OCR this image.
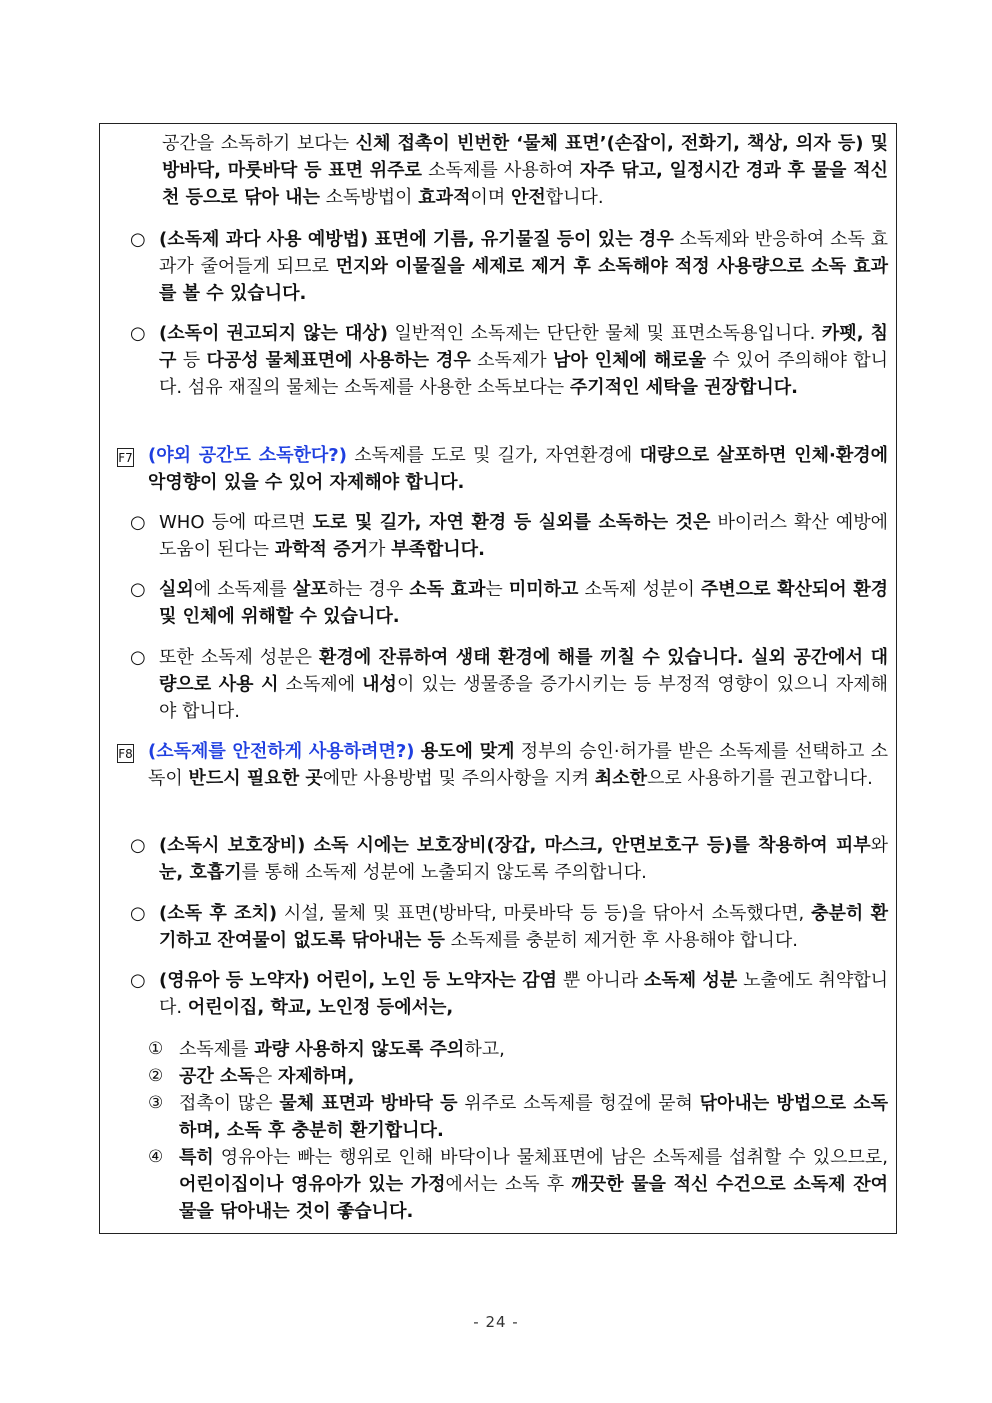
공간을 소독하기 보다는 신체 접촉이 빈번한 ‘물체 표면’(손잡이, 전화기, 책상, 의자 등) 및 방바닥, 마룻바닥 등 표면 위주로 소독제를 사용하여 자주 닦고, 일정시간 경과 후 물을 적신 천 등으로 닦아 내는 소독방법이 효과적이며 안전합니다.

○ (소독제 과다 사용 예방법) 표면에 기름, 유기물질 등이 있는 경우 소독제와 반응하여 소독 효과가 줄어들게 되므로 먼지와 이물질을 세제로 제거 후 소독해야 적정 사용량으로 소독 효과를 볼 수 있습니다.

○ (소독이 권고되지 않는 대상) 일반적인 소독제는 단단한 물체 및 표면소독용입니다. 카펫, 침구 등 다공성 물체표면에 사용하는 경우 소독제가 남아 인체에 해로울 수 있어 주의해야 합니다. 섬유 재질의 물체는 소독제를 사용한 소독보다는 주기적인 세탁을 권장합니다.

F7 (야외 공간도 소독한다?) 소독제를 도로 및 길가, 자연환경에 대량으로 살포하면 인체·환경에 악영향이 있을 수 있어 자제해야 합니다.

○ WHO 등에 따르면 도로 및 길가, 자연 환경 등 실외를 소독하는 것은 바이러스 확산 예방에 도움이 된다는 과학적 증거가 부족합니다.

○ 실외에 소독제를 살포하는 경우 소독 효과는 미미하고 소독제 성분이 주변으로 확산되어 환경 및 인체에 위해할 수 있습니다.

○ 또한 소독제 성분은 환경에 잔류하여 생태 환경에 해를 끼칠 수 있습니다. 실외 공간에서 대량으로 사용 시 소독제에 내성이 있는 생물종을 증가시키는 등 부정적 영향이 있으니 자제해야 합니다.

F8 (소독제를 안전하게 사용하려면?) 용도에 맞게 정부의 승인·허가를 받은 소독제를 선택하고 소독이 반드시 필요한 곳에만 사용방법 및 주의사항을 지켜 최소한으로 사용하기를 권고합니다.

○ (소독시 보호장비) 소독 시에는 보호장비(장갑, 마스크, 안면보호구 등)를 착용하여 피부와 눈, 호흡기를 통해 소독제 성분에 노출되지 않도록 주의합니다.

○ (소독 후 조치) 시설, 물체 및 표면(방바닥, 마룻바닥 등 등)을 닦아서 소독했다면, 충분히 환기하고 잔여물이 없도록 닦아내는 등 소독제를 충분히 제거한 후 사용해야 합니다.

○ (영유아 등 노약자) 어린이, 노인 등 노약자는 감염 뿐 아니라 소독제 성분 노출에도 취약합니다. 어린이집, 학교, 노인정 등에서는,

① 소독제를 과량 사용하지 않도록 주의하고,

② 공간 소독은 자제하며,

③ 접촉이 많은 물체 표면과 방바닥 등 위주로 소독제를 헝겊에 묻혀 닦아내는 방법으로 소독하며, 소독 후 충분히 환기합니다.

④ 특히 영유아는 빠는 행위로 인해 바닥이나 물체표면에 남은 소독제를 섭취할 수 있으므로, 어린이집이나 영유아가 있는 가정에서는 소독 후 깨끗한 물을 적신 수건으로 소독제 잔여물을 닦아내는 것이 좋습니다.

- 24 -
